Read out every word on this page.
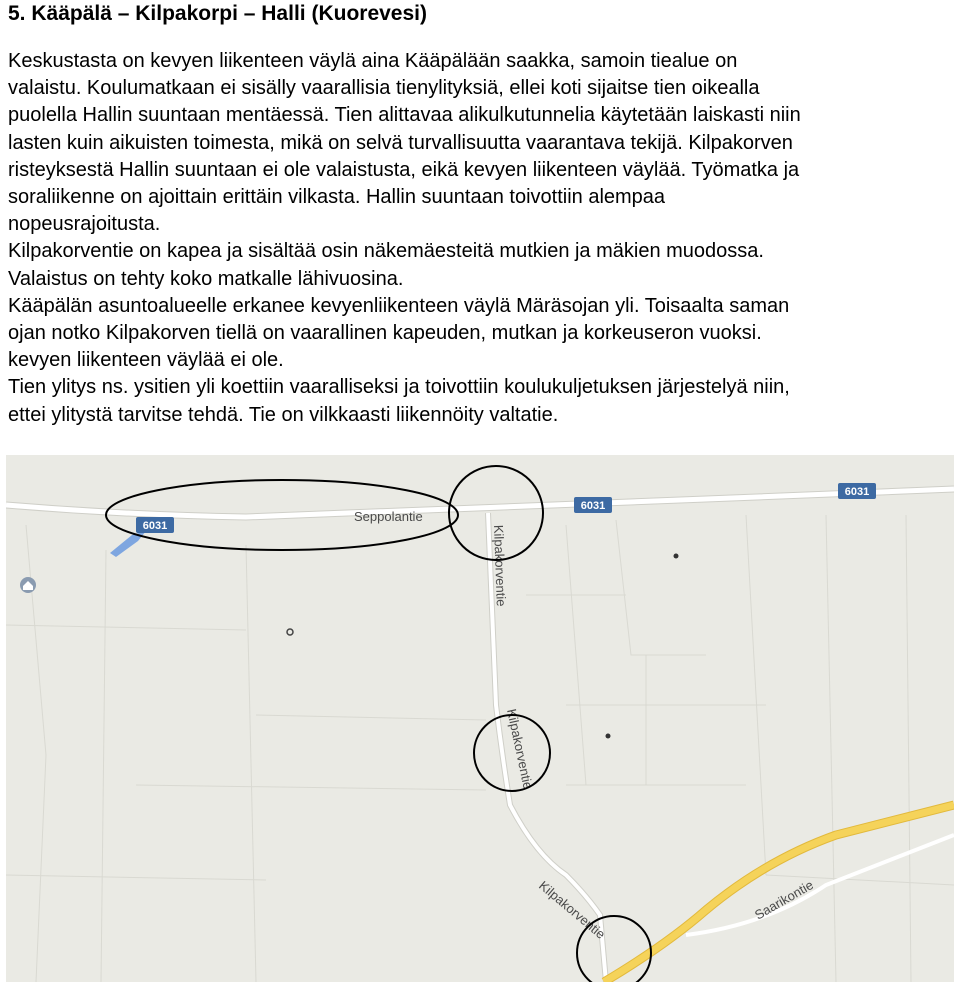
5. Kääpälä – Kilpakorpi – Halli (Kuorevesi)
Keskustasta on kevyen liikenteen väylä aina Kääpälään saakka, samoin tiealue on
valaistu. Koulumatkaan ei sisälly vaarallisia tienylityksiä, ellei koti sijaitse tien oikealla
puolella Hallin suuntaan mentäessä. Tien alittavaa alikulkutunnelia käytetään laiskasti niin
lasten kuin aikuisten toimesta, mikä on selvä turvallisuutta vaarantava tekijä. Kilpakorven
risteyksestä Hallin suuntaan ei ole valaistusta, eikä kevyen liikenteen väylää. Työmatka ja
soraliikenne on ajoittain erittäin vilkasta. Hallin suuntaan toivottiin alempaa
nopeusrajoitusta.
Kilpakorventie on kapea ja sisältää osin näkemäesteitä mutkien ja mäkien muodossa.
Valaistus on tehty koko matkalle lähivuosina.
Kääpälän asuntoalueelle erkanee kevyenliikenteen väylä Märäsojan yli. Toisaalta saman
ojan notko Kilpakorven tiellä on vaarallinen kapeuden, mutkan ja korkeuseron vuoksi.
kevyen liikenteen väylää ei ole.
Tien ylitys ns. ysitien yli koettiin vaaralliseksi ja toivottiin koulukuljetuksen järjestelyä niin,
ettei ylitystä tarvitse tehdä. Tie on vilkkaasti liikennöity valtatie.
6031
6031
6031
Seppolantie
Kilpakorventie
Kilpakorventie
Kilpakorventie	Saarikontie
